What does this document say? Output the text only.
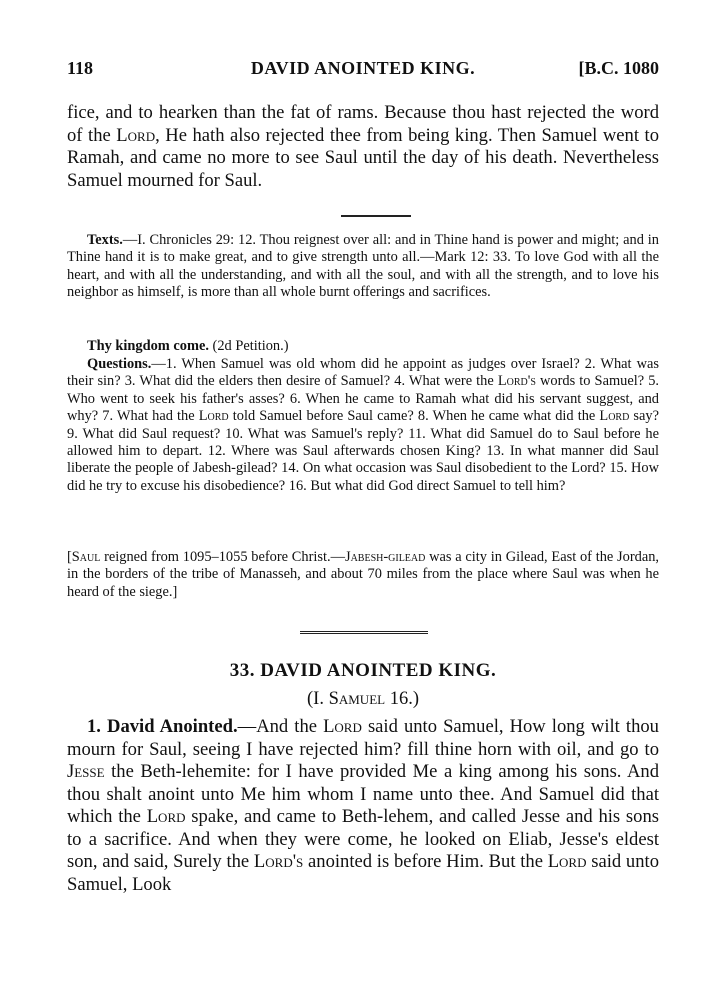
118	DAVID ANOINTED KING.	[B.C. 1080

fice, and to hearken than the fat of rams. Because thou hast rejected the word of the Lord, He hath also rejected thee from being king. Then Samuel went to Ramah, and came no more to see Saul until the day of his death. Nevertheless Samuel mourned for Saul.

Texts.—I. Chronicles 29: 12. Thou reignest over all: and in Thine hand is power and might; and in Thine hand it is to make great, and to give strength unto all.—Mark 12: 33. To love God with all the heart, and with all the understanding, and with all the soul, and with all the strength, and to love his neighbor as himself, is more than all whole burnt offerings and sacrifices.

Thy kingdom come. (2d Petition.)

Questions.—1. When Samuel was old whom did he appoint as judges over Israel? 2. What was their sin? 3. What did the elders then desire of Samuel? 4. What were the Lord's words to Samuel? 5. Who went to seek his father's asses? 6. When he came to Ramah what did his servant suggest, and why? 7. What had the Lord told Samuel before Saul came? 8. When he came what did the Lord say? 9. What did Saul request? 10. What was Samuel's reply? 11. What did Samuel do to Saul before he allowed him to depart. 12. Where was Saul afterwards chosen King? 13. In what manner did Saul liberate the people of Jabesh-gilead? 14. On what occasion was Saul disobedient to the Lord? 15. How did he try to excuse his disobedience? 16. But what did God direct Samuel to tell him?

[Saul reigned from 1095–1055 before Christ.—Jabesh-gilead was a city in Gilead, East of the Jordan, in the borders of the tribe of Manasseh, and about 70 miles from the place where Saul was when he heard of the siege.]

33. DAVID ANOINTED KING.
(I. Samuel 16.)

1. David Anointed.—And the Lord said unto Samuel, How long wilt thou mourn for Saul, seeing I have rejected him? fill thine horn with oil, and go to Jesse the Beth-lehemite: for I have provided Me a king among his sons. And thou shalt anoint unto Me him whom I name unto thee. And Samuel did that which the Lord spake, and came to Beth-lehem, and called Jesse and his sons to a sacrifice. And when they were come, he looked on Eliab, Jesse's eldest son, and said, Surely the Lord's anointed is before Him. But the Lord said unto Samuel, Look
